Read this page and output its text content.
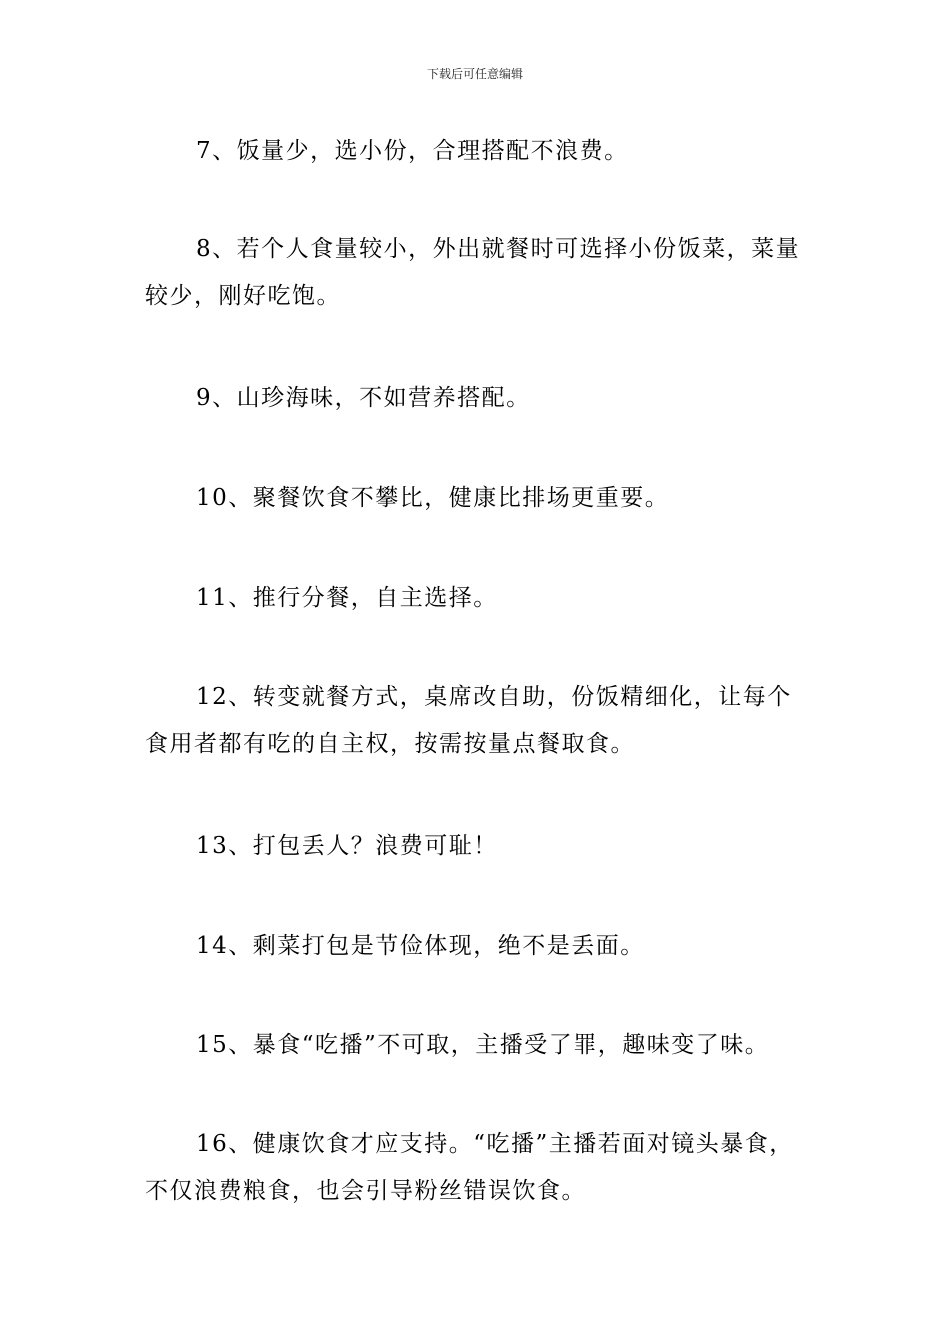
下载后可任意编辑

7、饭量少，选小份，合理搭配不浪费。

8、若个人食量较小，外出就餐时可选择小份饭菜，菜量较少，刚好吃饱。

9、山珍海味，不如营养搭配。

10、聚餐饮食不攀比，健康比排场更重要。

11、推行分餐，自主选择。

12、转变就餐方式，桌席改自助，份饭精细化，让每个食用者都有吃的自主权，按需按量点餐取食。

13、打包丢人？浪费可耻！

14、剩菜打包是节俭体现，绝不是丢面。

15、暴食“吃播”不可取，主播受了罪，趣味变了味。

16、健康饮食才应支持。“吃播”主播若面对镜头暴食，不仅浪费粮食，也会引导粉丝错误饮食。
